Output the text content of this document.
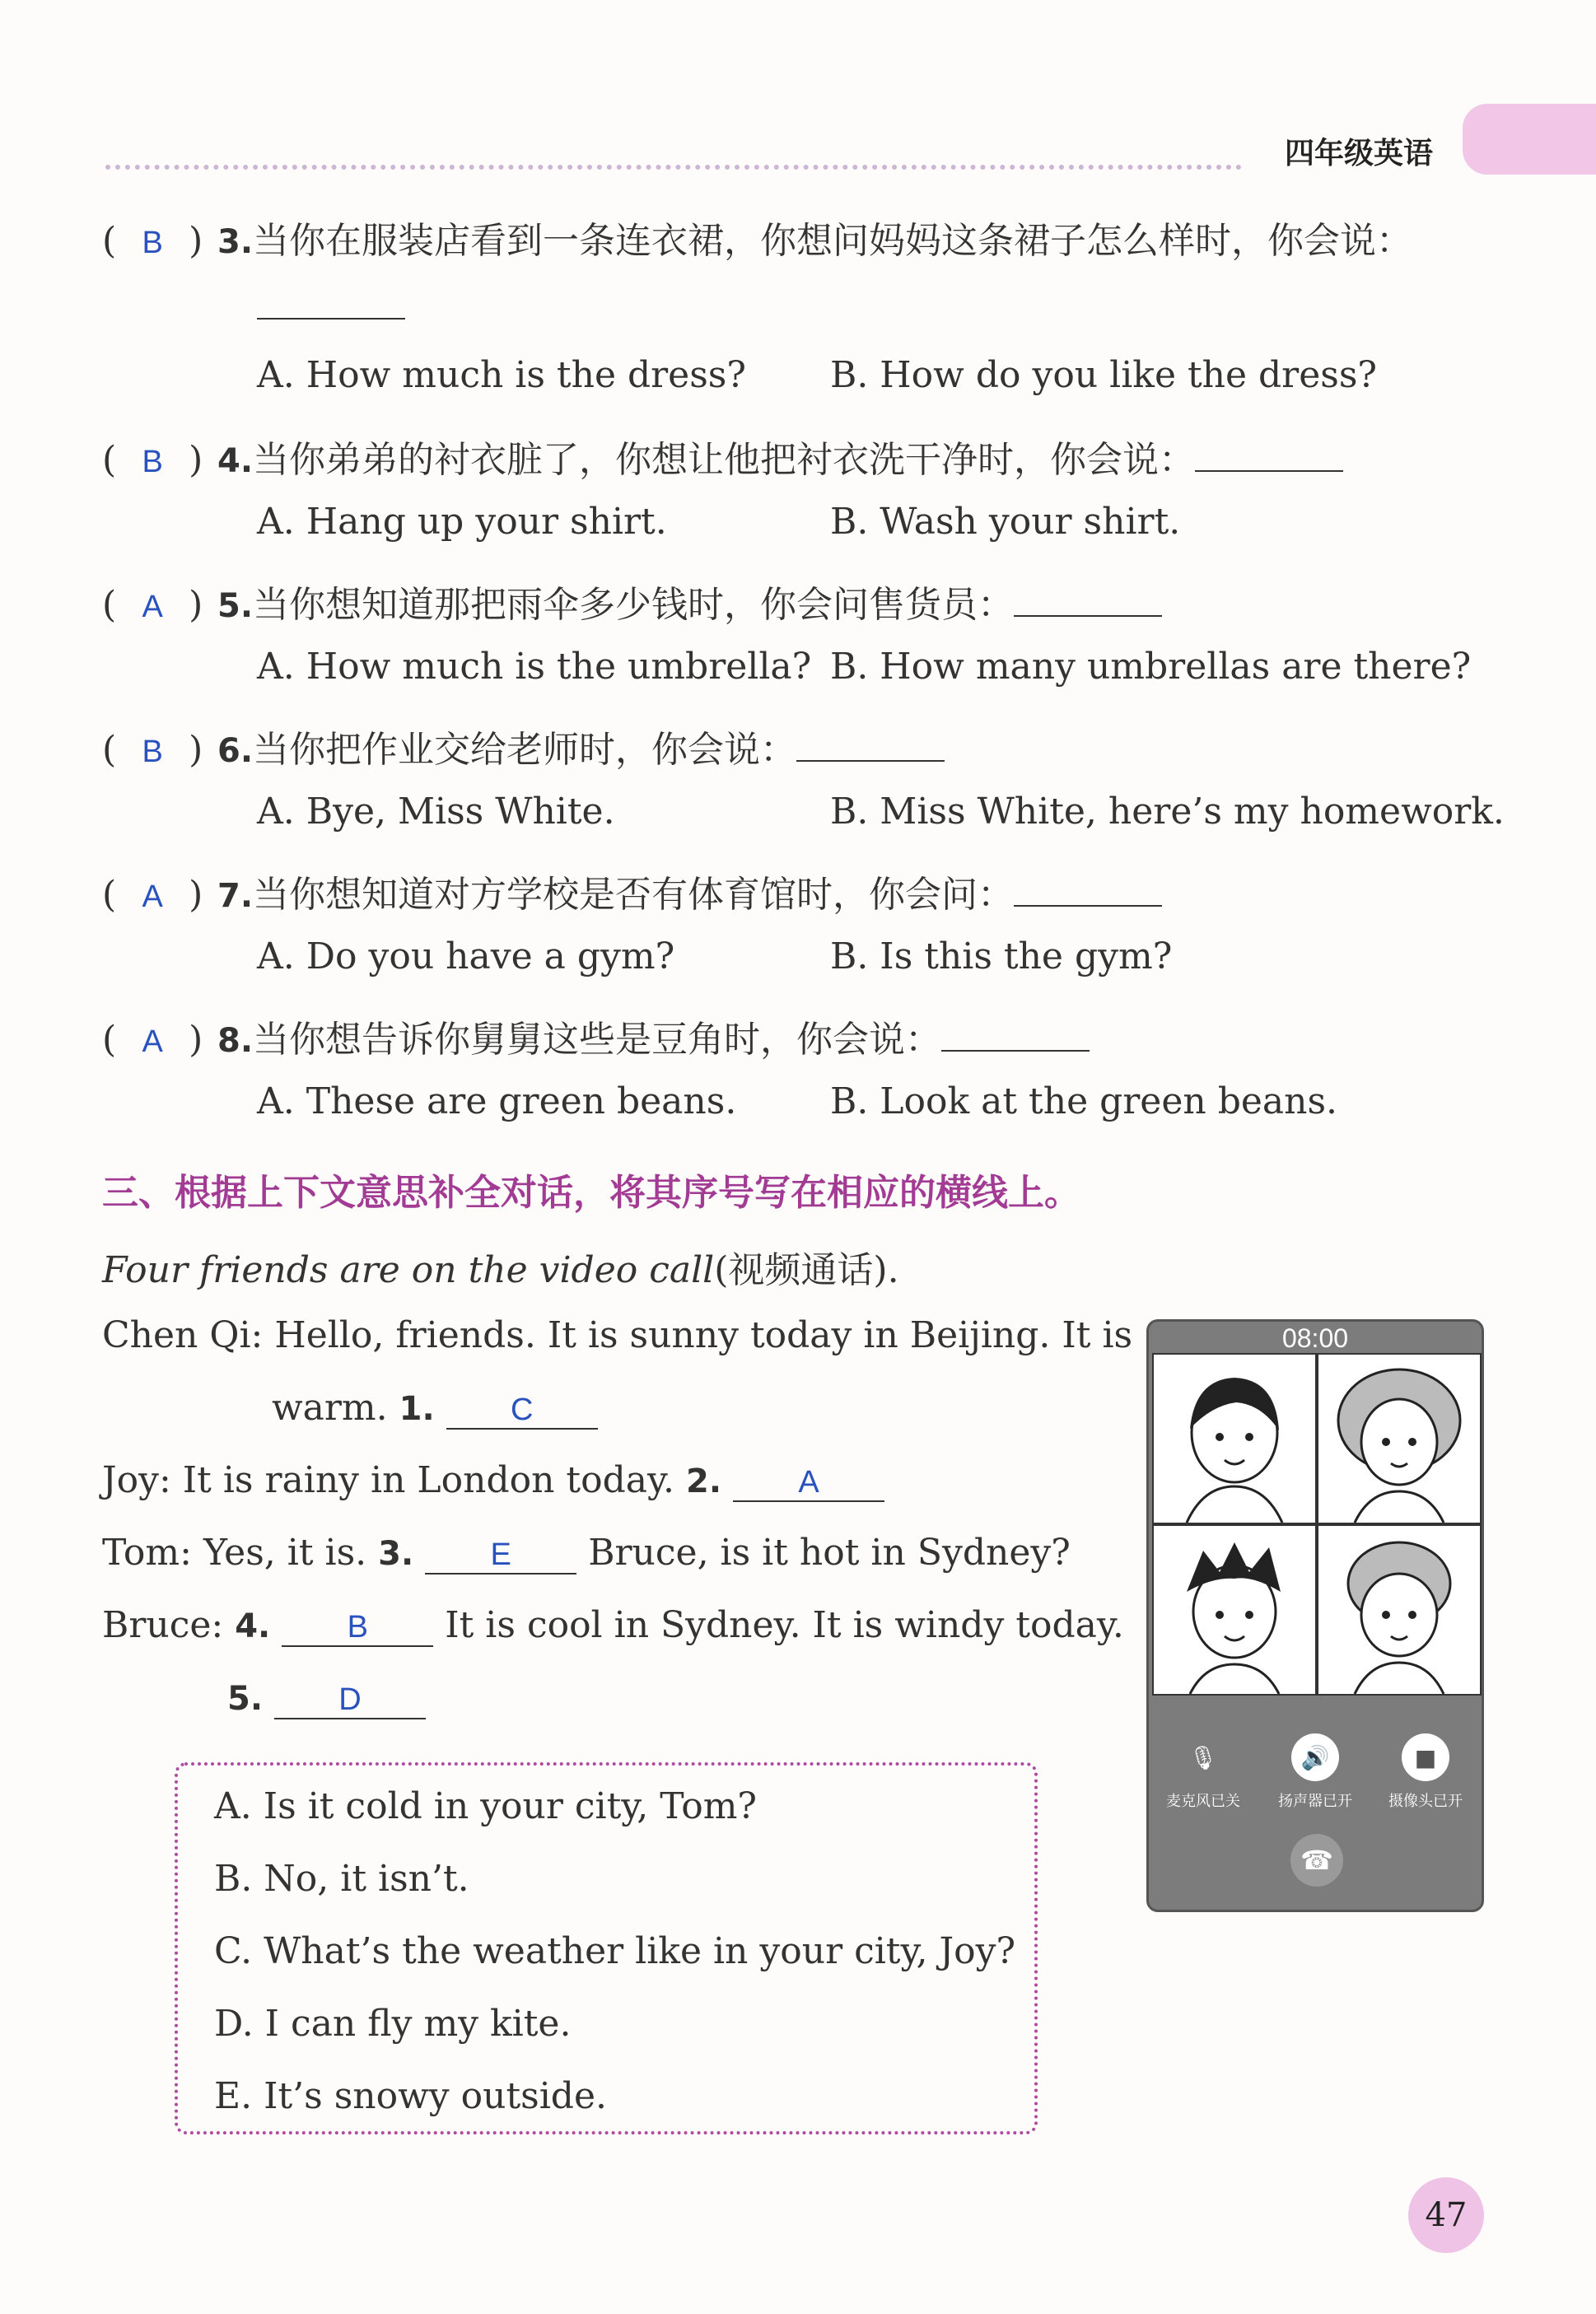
四年级英语
( B ) 3.当你在服装店看到一条连衣裙，你想问妈妈这条裙子怎么样时，你会说：
A. How much is the dress? B. How do you like the dress?
( B ) 4.当你弟弟的衬衣脏了，你想让他把衬衣洗干净时，你会说：
A. Hang up your shirt.	B. Wash your shirt.
( A ) 5.当你想知道那把雨伞多少钱时，你会问售货员：
A. How much is the umbrella? B. How many umbrellas are there?
( B ) 6.当你把作业交给老师时，你会说：
A. Bye, Miss White.	B. Miss White, here’s my homework.
( A ) 7.当你想知道对方学校是否有体育馆时，你会问：
A. Do you have a gym?	B. Is this the gym?
( A ) 8.当你想告诉你舅舅这些是豆角时，你会说：
A. These are green beans.	B. Look at the green beans.
三、根据上下文意思补全对话，将其序号写在相应的横线上。
Four friends are on the video call(视频通话).
Chen Qi: Hello, friends. It is sunny today in Beijing. It is
warm. 1. C
Joy: It is rainy in London today. 2. A
Tom: Yes, it is. 3. E Bruce, is it hot in Sydney?
Bruce: 4. B It is cool in Sydney. It is windy today.
5. D
A. Is it cold in your city, Tom?
B. No, it isn’t.
C. What’s the weather like in your city, Joy?
D. I can fly my kite.
E. It’s snowy outside.
08:00
🎙
麦克风已关
🔊
扬声器已开
■
摄像头已开
☎
47
